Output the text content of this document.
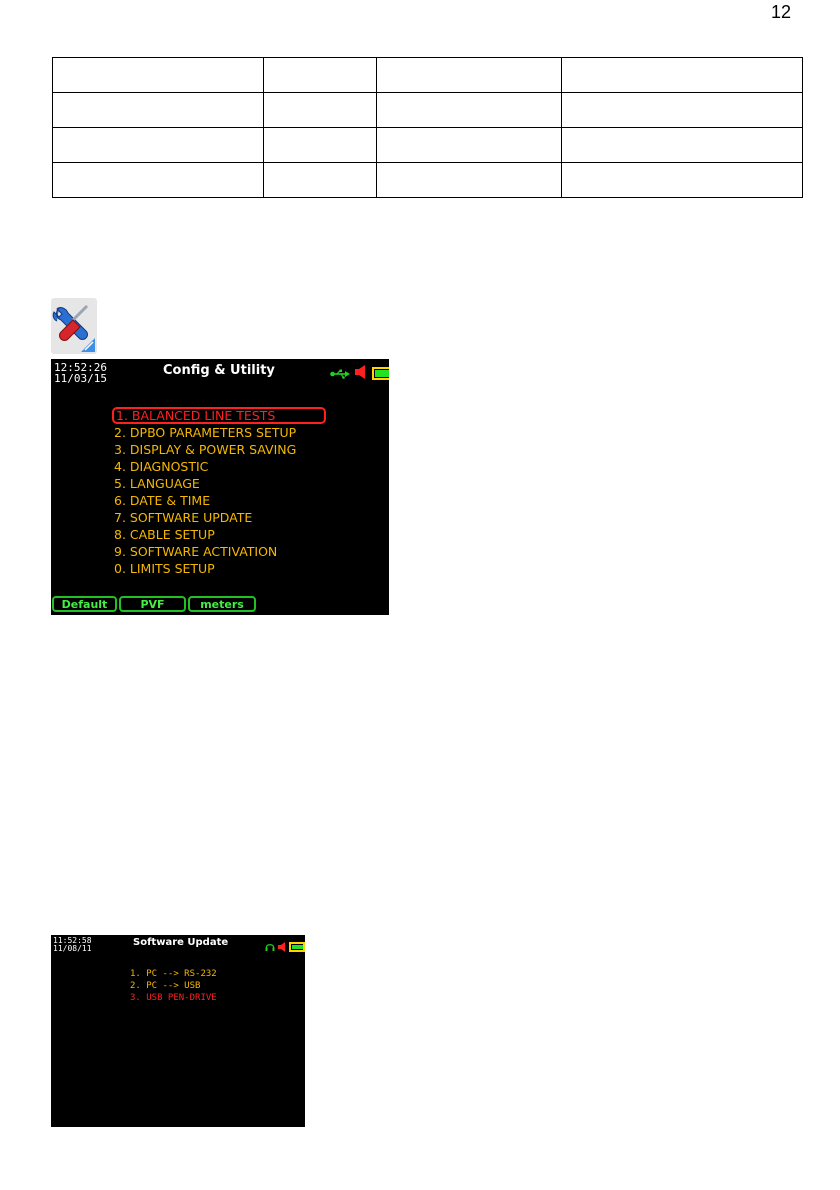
12

12:52:26
11/03/15
Config & Utility
1. BALANCED LINE TESTS
2. DPBO PARAMETERS SETUP
3. DISPLAY & POWER SAVING
4. DIAGNOSTIC
5. LANGUAGE
6. DATE & TIME
7. SOFTWARE UPDATE
8. CABLE SETUP
9. SOFTWARE ACTIVATION
0. LIMITS SETUP
Default	PVF	meters
11:52:58
11/08/11
Software Update
1. PC --> RS-232
2. PC --> USB
3. USB PEN-DRIVE
